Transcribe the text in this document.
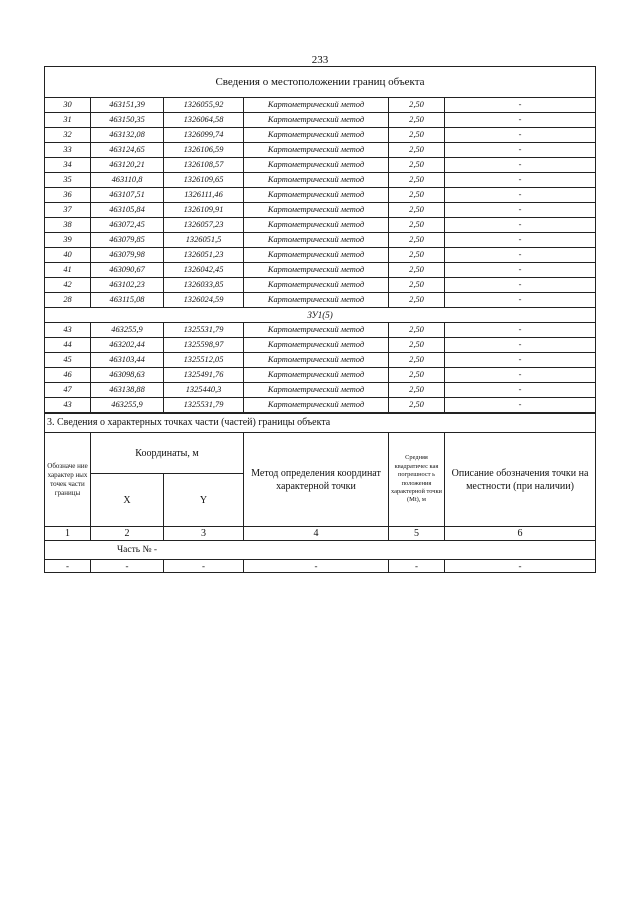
233
Сведения о местоположении границ объекта					
30	463151,39	1326055,92	Картометрический метод	2,50	-
31	463150,35	1326064,58	Картометрический метод	2,50	-
32	463132,08	1326099,74	Картометрический метод	2,50	-
33	463124,65	1326106,59	Картометрический метод	2,50	-
34	463120,21	1326108,57	Картометрический метод	2,50	-
35	463110,8	1326109,65	Картометрический метод	2,50	-
36	463107,51	1326111,46	Картометрический метод	2,50	-
37	463105,84	1326109,91	Картометрический метод	2,50	-
38	463072,45	1326057,23	Картометрический метод	2,50	-
39	463079,85	1326051,5	Картометрический метод	2,50	-
40	463079,98	1326051,23	Картометрический метод	2,50	-
41	463090,67	1326042,45	Картометрический метод	2,50	-
42	463102,23	1326033,85	Картометрический метод	2,50	-
28	463115,08	1326024,59	Картометрический метод	2,50	-
ЗУ1(5)					
43	463255,9	1325531,79	Картометрический метод	2,50	-
44	463202,44	1325598,97	Картометрический метод	2,50	-
45	463103,44	1325512,05	Картометрический метод	2,50	-
46	463098,63	1325491,76	Картометрический метод	2,50	-
47	463138,88	1325440,3	Картометрический метод	2,50	-
43	463255,9	1325531,79	Картометрический метод	2,50	-
3. Сведения о характерных точках части (частей) границы объекта					
Обозначе ние характер ных точек части границы	Координаты, м		Метод определения координат характерной точки	Средняя квадратичес кая погрешност ь положения характерной точки (Mt), м	Описание обозначения точки на местности (при наличии)
	X	Y			
1	2	3	4	5	6
Часть № -					
-	-	-	-	-	-
